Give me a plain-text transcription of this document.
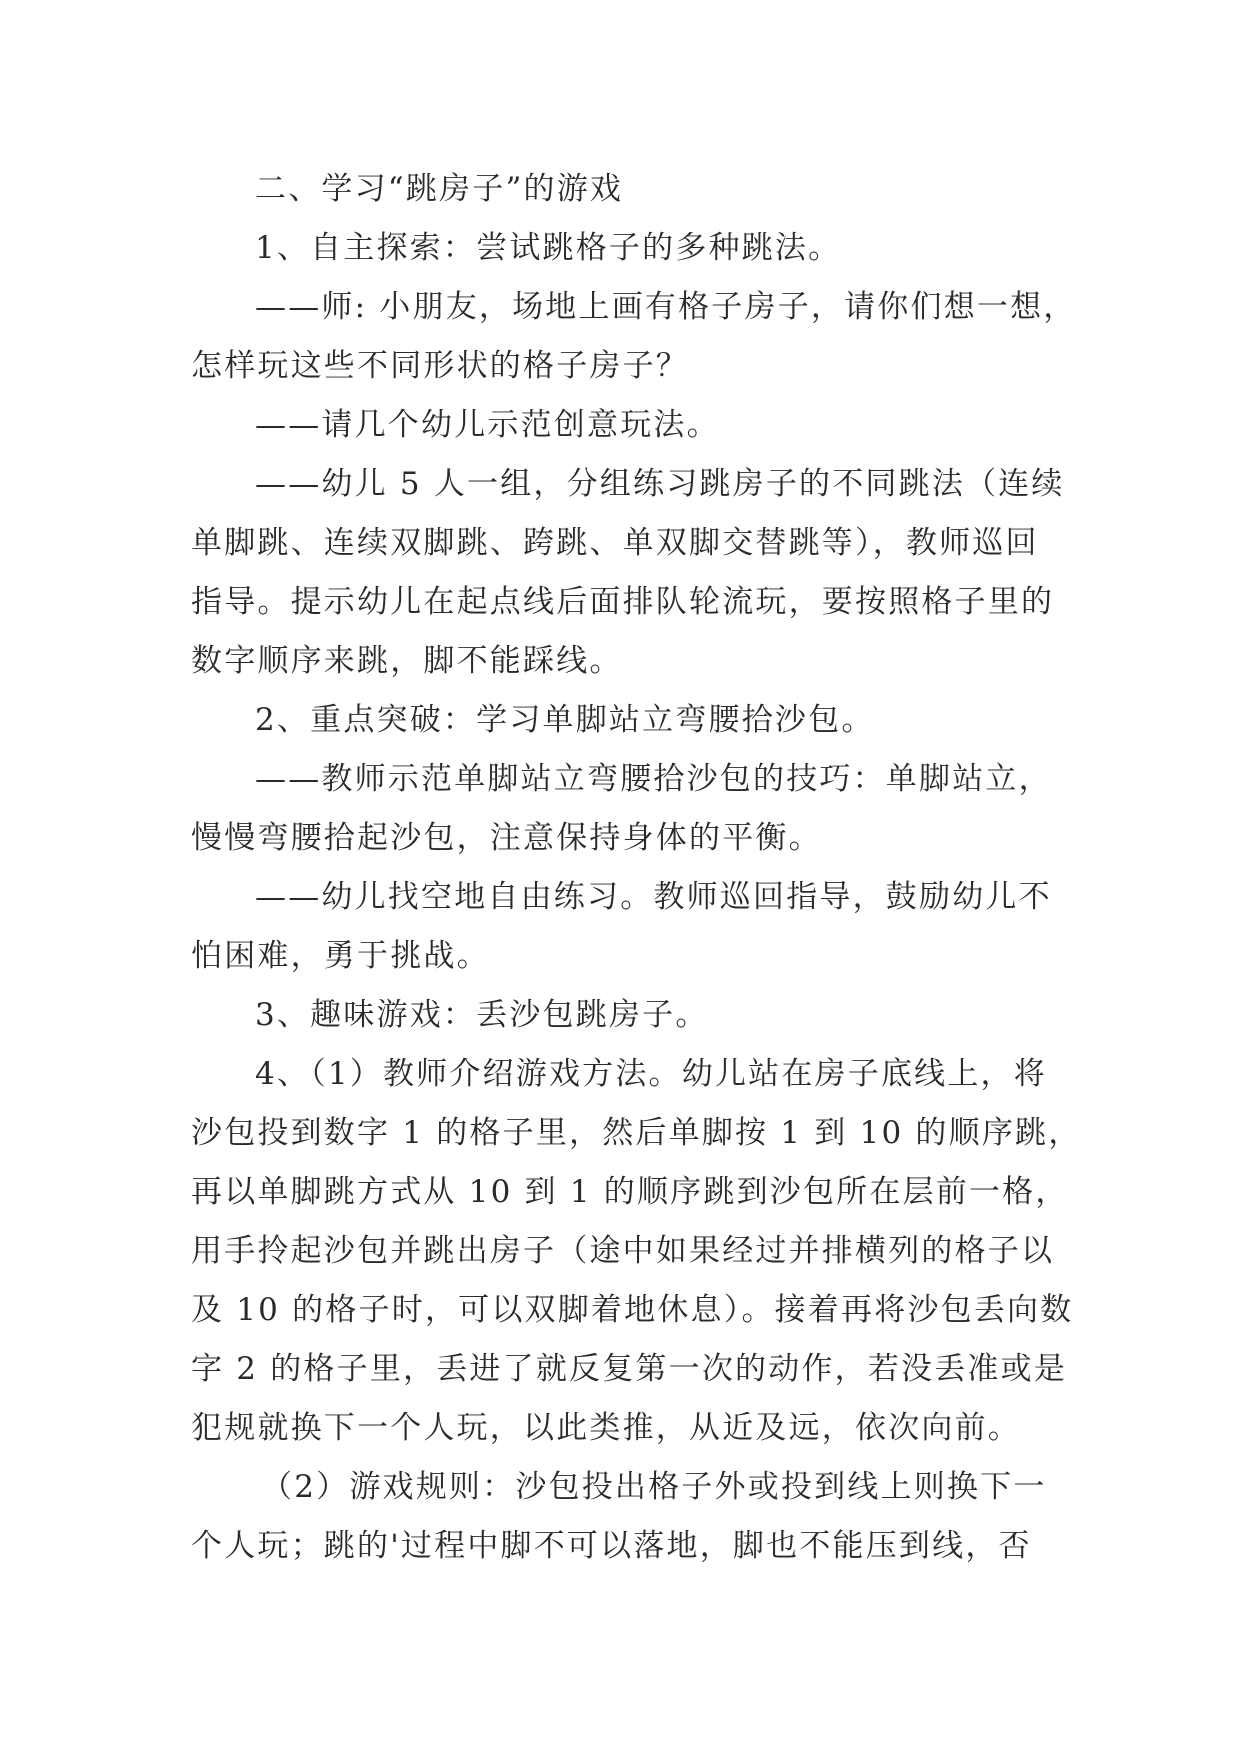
二、学习“跳房子”的游戏

1、自主探索：尝试跳格子的多种跳法。

——师: 小朋友，场地上画有格子房子，请你们想一想，

怎样玩这些不同形状的格子房子？

——请几个幼儿示范创意玩法。

——幼儿 5 人一组，分组练习跳房子的不同跳法（连续

单脚跳、连续双脚跳、跨跳、单双脚交替跳等），教师巡回

指导。提示幼儿在起点线后面排队轮流玩，要按照格子里的

数字顺序来跳，脚不能踩线。

2、重点突破：学习单脚站立弯腰拾沙包。

——教师示范单脚站立弯腰拾沙包的技巧：单脚站立，

慢慢弯腰拾起沙包，注意保持身体的平衡。

——幼儿找空地自由练习。教师巡回指导，鼓励幼儿不

怕困难，勇于挑战。

3、趣味游戏：丢沙包跳房子。

4、（1）教师介绍游戏方法。幼儿站在房子底线上，将

沙包投到数字 1 的格子里，然后单脚按 1 到 10 的顺序跳，

再以单脚跳方式从 10 到 1 的顺序跳到沙包所在层前一格，

用手拎起沙包并跳出房子（途中如果经过并排横列的格子以

及 10 的格子时，可以双脚着地休息）。接着再将沙包丢向数

字 2 的格子里，丢进了就反复第一次的动作，若没丢准或是

犯规就换下一个人玩，以此类推，从近及远，依次向前。

（2）游戏规则：沙包投出格子外或投到线上则换下一

个人玩；跳的'过程中脚不可以落地，脚也不能压到线，否
